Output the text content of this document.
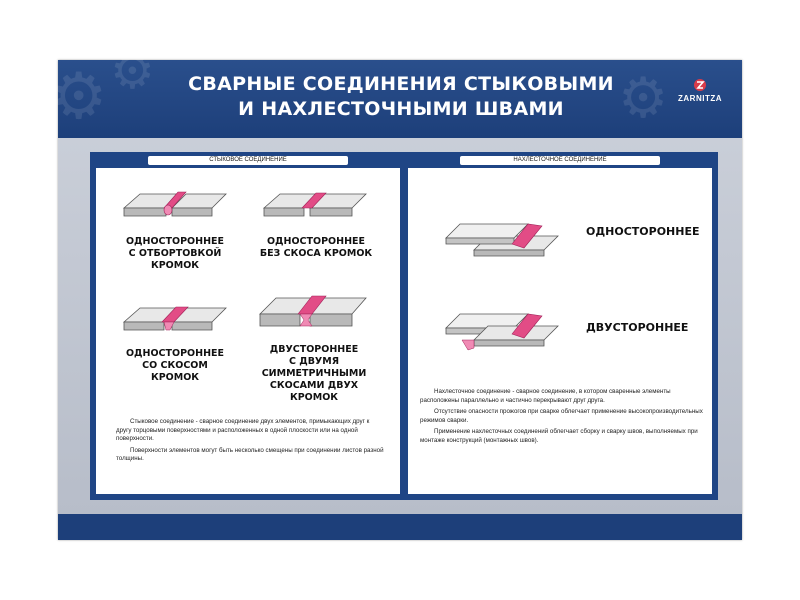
⚙ ⚙	⚙
СВАРНЫЕ СОЕДИНЕНИЯ СТЫКОВЫМИ
И НАХЛЕСТОЧНЫМИ ШВАМИ	ZARNITZA
СТЫКОВОЕ СОЕДИНЕНИЕ
ОДНОСТОРОННЕЕ
С ОТБОРТОВКОЙ КРОМОК
ОДНОСТОРОННЕЕ
БЕЗ СКОСА КРОМОК
ОДНОСТОРОННЕЕ
СО СКОСОМ КРОМОК
ДВУСТОРОННЕЕ
С ДВУМЯ СИММЕТРИЧНЫМИ
СКОСАМИ ДВУХ КРОМОК

Стыковое соединение - сварное соединение двух элементов, примыкающих друг к другу торцовыми поверхностями и расположенных в одной плоскости или на одной поверхности.

Поверхности элементов могут быть несколько смещены при соединении листов разной толщины.

НАХЛЕСТОЧНОЕ СОЕДИНЕНИЕ
ОДНОСТОРОННЕЕ
ДВУСТОРОННЕЕ

Нахлесточное соединение - сварное соединение, в котором сваренные элементы расположены параллельно и частично перекрывают друг друга.

Отсутствие опасности прожогов при сварке облегчает применение высокопроизводительных режимов сварки.

Применение нахлесточных соединений облегчает сборку и сварку швов, выполняемых при монтаже конструкций (монтажных швов).
